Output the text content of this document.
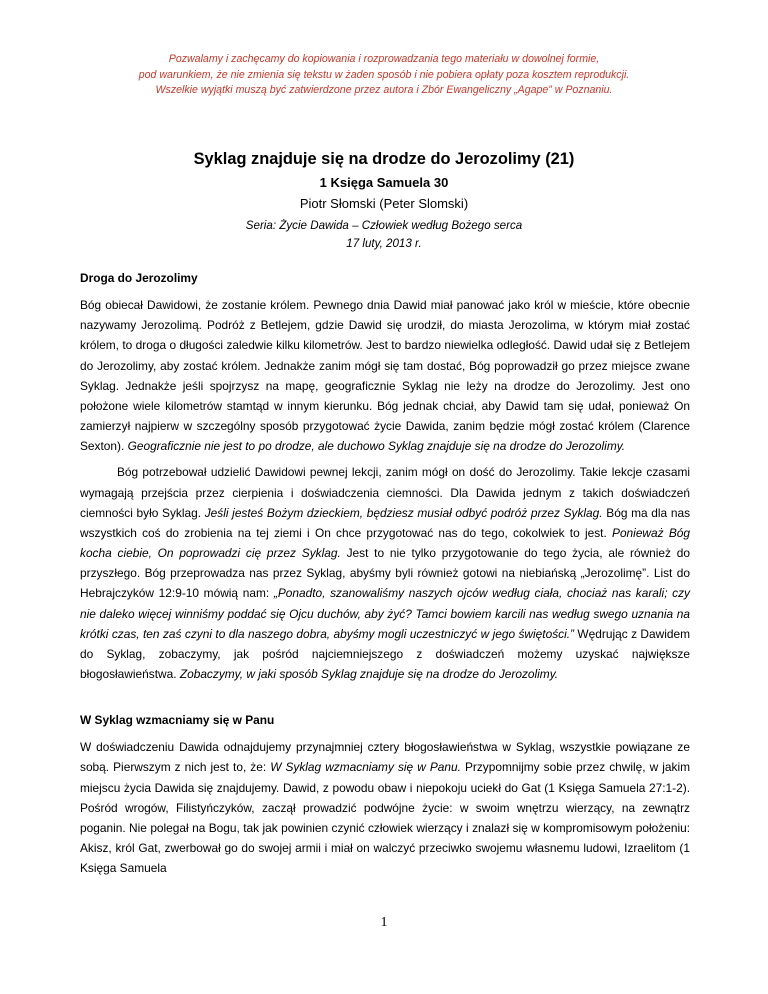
Pozwalamy i zachęcamy do kopiowania i rozprowadzania tego materiału w dowolnej formie,
pod warunkiem, że nie zmienia się tekstu w żaden sposób i nie pobiera opłaty poza kosztem reprodukcji.
Wszelkie wyjątki muszą być zatwierdzone przez autora i Zbór Ewangeliczny „Agape” w Poznaniu.
Syklag znajduje się na drodze do Jerozolimy (21)
1 Księga Samuela 30
Piotr Słomski (Peter Slomski)
Seria: Życie Dawida – Człowiek według Bożego serca
17 luty, 2013 r.
Droga do Jerozolimy

Bóg obiecał Dawidowi, że zostanie królem. Pewnego dnia Dawid miał panować jako król w mieście, które obecnie nazywamy Jerozolimą. Podróż z Betlejem, gdzie Dawid się urodził, do miasta Jerozolima, w którym miał zostać królem, to droga o długości zaledwie kilku kilometrów. Jest to bardzo niewielka odległość. Dawid udał się z Betlejem do Jerozolimy, aby zostać królem. Jednakże zanim mógł się tam dostać, Bóg poprowadził go przez miejsce zwane Syklag. Jednakże jeśli spojrzysz na mapę, geograficznie Syklag nie leży na drodze do Jerozolimy. Jest ono położone wiele kilometrów stamtąd w innym kierunku. Bóg jednak chciał, aby Dawid tam się udał, ponieważ On zamierzył najpierw w szczególny sposób przygotować życie Dawida, zanim będzie mógł zostać królem (Clarence Sexton). Geograficznie nie jest to po drodze, ale duchowo Syklag znajduje się na drodze do Jerozolimy.

Bóg potrzebował udzielić Dawidowi pewnej lekcji, zanim mógł on dość do Jerozolimy. Takie lekcje czasami wymagają przejścia przez cierpienia i doświadczenia ciemności. Dla Dawida jednym z takich doświadczeń ciemności było Syklag. Jeśli jesteś Bożym dzieckiem, będziesz musiał odbyć podróż przez Syklag. Bóg ma dla nas wszystkich coś do zrobienia na tej ziemi i On chce przygotować nas do tego, cokolwiek to jest. Ponieważ Bóg kocha ciebie, On poprowadzi cię przez Syklag. Jest to nie tylko przygotowanie do tego życia, ale również do przyszłego. Bóg przeprowadza nas przez Syklag, abyśmy byli również gotowi na niebiańską „Jerozolimę”. List do Hebrajczyków 12:9-10 mówią nam: „Ponadto, szanowaliśmy naszych ojców według ciała, chociaż nas karali; czy nie daleko więcej winniśmy poddać się Ojcu duchów, aby żyć? Tamci bowiem karcili nas według swego uznania na krótki czas, ten zaś czyni to dla naszego dobra, abyśmy mogli uczestniczyć w jego świętości.” Wędrując z Dawidem do Syklag, zobaczymy, jak pośród najciemniejszego z doświadczeń możemy uzyskać największe błogosławieństwa. Zobaczymy, w jaki sposób Syklag znajduje się na drodze do Jerozolimy.

W Syklag wzmacniamy się w Panu

W doświadczeniu Dawida odnajdujemy przynajmniej cztery błogosławieństwa w Syklag, wszystkie powiązane ze sobą. Pierwszym z nich jest to, że: W Syklag wzmacniamy się w Panu. Przypomnijmy sobie przez chwilę, w jakim miejscu życia Dawida się znajdujemy. Dawid, z powodu obaw i niepokoju uciekł do Gat (1 Księga Samuela 27:1-2). Pośród wrogów, Filistyńczyków, zaczął prowadzić podwójne życie: w swoim wnętrzu wierzący, na zewnątrz poganin. Nie polegał na Bogu, tak jak powinien czynić człowiek wierzący i znalazł się w kompromisowym położeniu: Akisz, król Gat, zwerbował go do swojej armii i miał on walczyć przeciwko swojemu własnemu ludowi, Izraelitom (1 Księga Samuela

1
